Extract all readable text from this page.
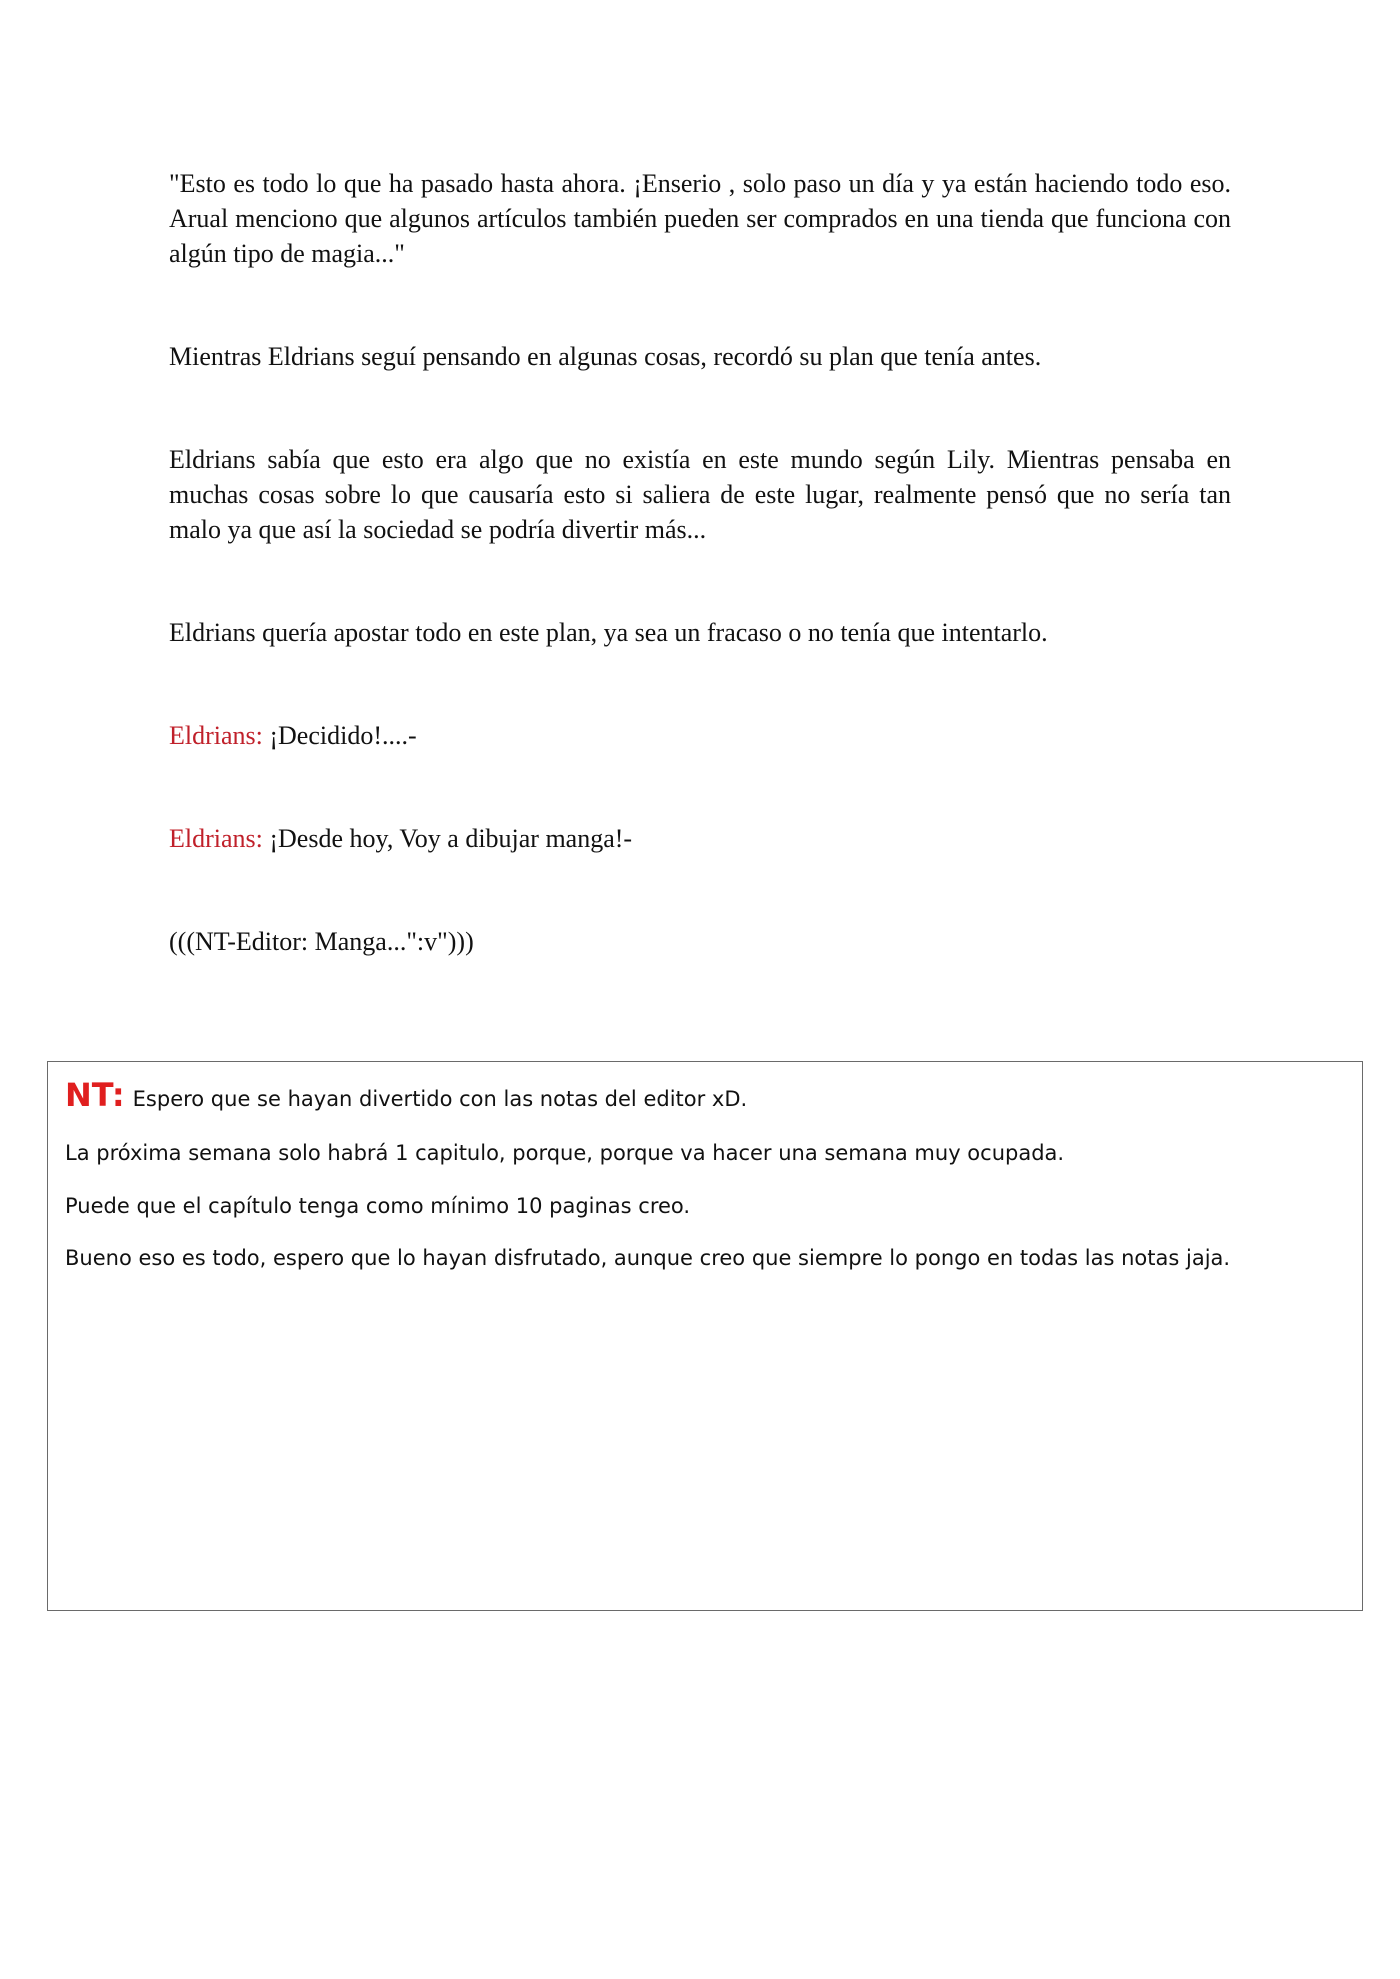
"Esto es todo lo que ha pasado hasta ahora. ¡Enserio , solo paso un día y ya están haciendo todo eso. Arual menciono que algunos artículos también pueden ser comprados en una tienda que funciona con algún tipo de magia..."

Mientras Eldrians seguí pensando en algunas cosas, recordó su plan que tenía antes.

Eldrians sabía que esto era algo que no existía en este mundo según Lily. Mientras pensaba en muchas cosas sobre lo que causaría esto si saliera de este lugar, realmente pensó que no sería tan malo ya que así la sociedad se podría divertir más...

Eldrians quería apostar todo en este plan, ya sea un fracaso o no tenía que intentarlo.

Eldrians: ¡Decidido!....-

Eldrians: ¡Desde hoy, Voy a dibujar manga!-

(((NT-Editor: Manga...":v")))

NT: Espero que se hayan divertido con las notas del editor xD.
La próxima semana solo habrá 1 capitulo, porque, porque va hacer una semana muy ocupada.
Puede que el capítulo tenga como mínimo 10 paginas creo.
Bueno eso es todo, espero que lo hayan disfrutado, aunque creo que siempre lo pongo en todas las notas jaja.
